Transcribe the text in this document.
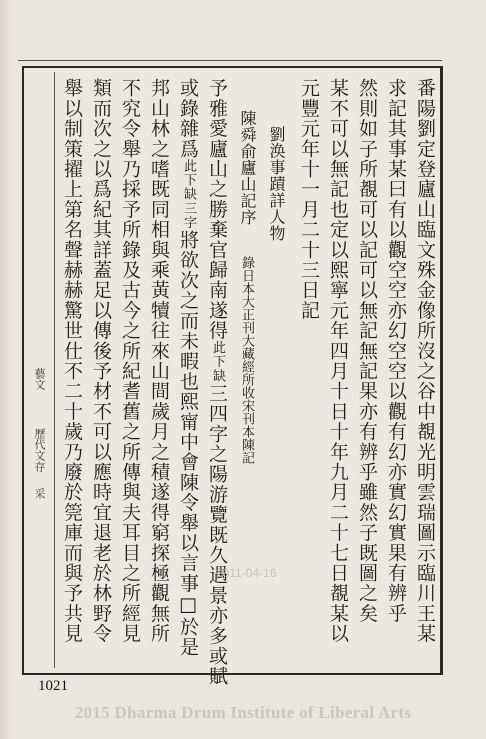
番陽劉定登廬山臨文殊金像所沒之谷中覩光明雲瑞圖示臨川王某
求記其事某曰有以觀空空亦幻空空以觀有幻亦實幻實果有辨乎
然則如子所覩可以記可以無記無記果亦有辨乎雖然子既圖之矣
某不可以無記也定以熙寧元年四月十日十年九月二十七日覩某以
元豐元年十一月二十三日記
劉涣事蹟詳人物
陳舜俞廬山記序
錄日本大正刊大藏經所收宋刊本陳記
予雅愛廬山之勝棄官歸南遂得此下缺三四字之陽游覽既久遇景亦多或賦
或錄雜爲此下缺三字將欲次之而未暇也熙甯中會陳令舉以言事□於是
邦山林之嗜既同相與乘黃犢往來山間歲月之積遂得窮探極觀無所
不究令舉乃採予所錄及古今之所紀耆舊之所傳與夫耳目之所經見
類而次之以爲紀其詳蓋足以傳後予材不可以應時宜退老於林野令
舉以制策擢上第名聲赫赫驚世仕不二十歲乃廢於筦庫而與予共見
藝文
歷代文存
采
2011-04-16
1021
2015 Dharma Drum Institute of Liberal Arts
